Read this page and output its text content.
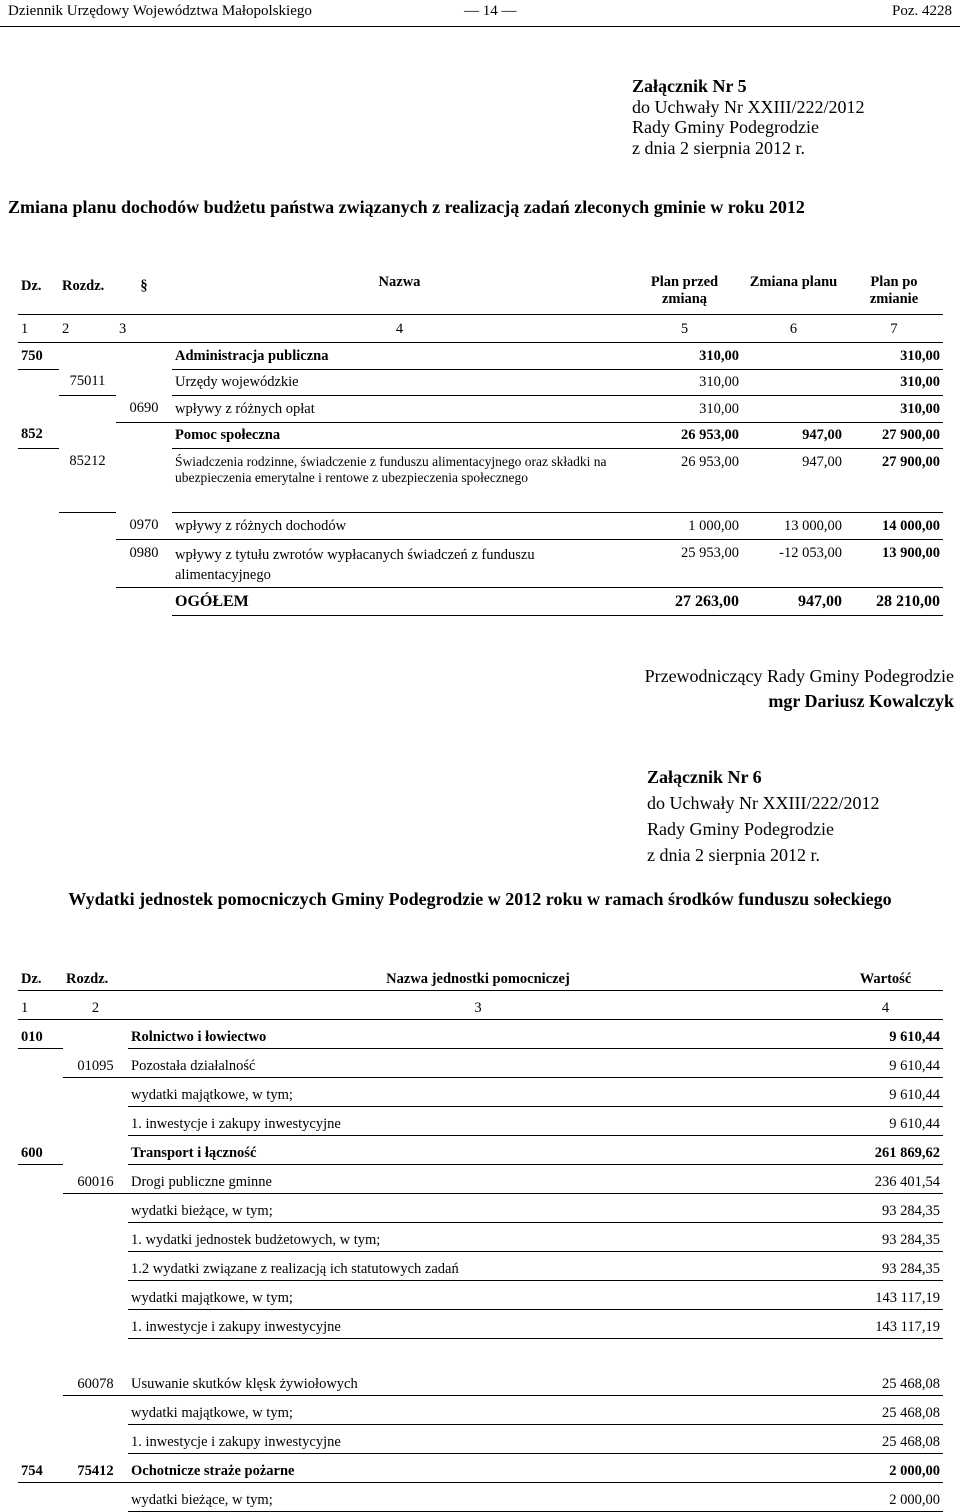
Dziennik Urzędowy Województwa Małopolskiego	— 14 —	Poz. 4228
Załącznik Nr 5
do Uchwały Nr XXIII/222/2012
Rady Gminy Podegrodzie
z dnia 2 sierpnia 2012 r.
Zmiana planu dochodów budżetu państwa związanych z realizacją zadań zleconych gminie w roku 2012
Dz.	Rozdz.	§	Nazwa	Plan przed zmianą	Zmiana planu	Plan po zmianie
1	2	3	4	5	6	7
750			Administracja publiczna	310,00		310,00
	75011		Urzędy wojewódzkie	310,00		310,00
		0690	wpływy z różnych opłat	310,00		310,00
852			Pomoc społeczna	26 953,00	947,00	27 900,00
	85212		Świadczenia rodzinne, świadczenie z funduszu alimentacyjnego oraz składki na ubezpieczenia emerytalne i rentowe z ubezpieczenia społecznego	26 953,00	947,00	27 900,00
		0970	wpływy z różnych dochodów	1 000,00	13 000,00	14 000,00
		0980	wpływy z tytułu zwrotów wypłacanych świadczeń z funduszu alimentacyjnego	25 953,00	-12 053,00	13 900,00
			OGÓŁEM	27 263,00	947,00	28 210,00
Przewodniczący Rady Gminy Podegrodzie
mgr Dariusz Kowalczyk
Załącznik Nr 6
do Uchwały Nr XXIII/222/2012
Rady Gminy Podegrodzie
z dnia 2 sierpnia 2012 r.
Wydatki jednostek pomocniczych Gminy Podegrodzie w 2012 roku w ramach środków funduszu sołeckiego
Dz.	Rozdz.	Nazwa jednostki pomocniczej	Wartość
1	2	3	4
010		Rolnictwo i łowiectwo	9 610,44
	01095	Pozostała działalność	9 610,44
		wydatki majątkowe, w tym;	9 610,44
		1. inwestycje i zakupy inwestycyjne	9 610,44
600		Transport i łączność	261 869,62
	60016	Drogi publiczne gminne	236 401,54
		wydatki bieżące, w tym;	93 284,35
		1. wydatki jednostek budżetowych, w tym;	93 284,35
		1.2 wydatki związane z realizacją ich statutowych zadań	93 284,35
		wydatki majątkowe, w tym;	143 117,19
		1. inwestycje i zakupy inwestycyjne	143 117,19

	60078	Usuwanie skutków klęsk żywiołowych	25 468,08
		wydatki majątkowe, w tym;	25 468,08
		1. inwestycje i zakupy inwestycyjne	25 468,08
754	75412	Ochotnicze straże pożarne	2 000,00
		wydatki bieżące, w tym;	2 000,00
